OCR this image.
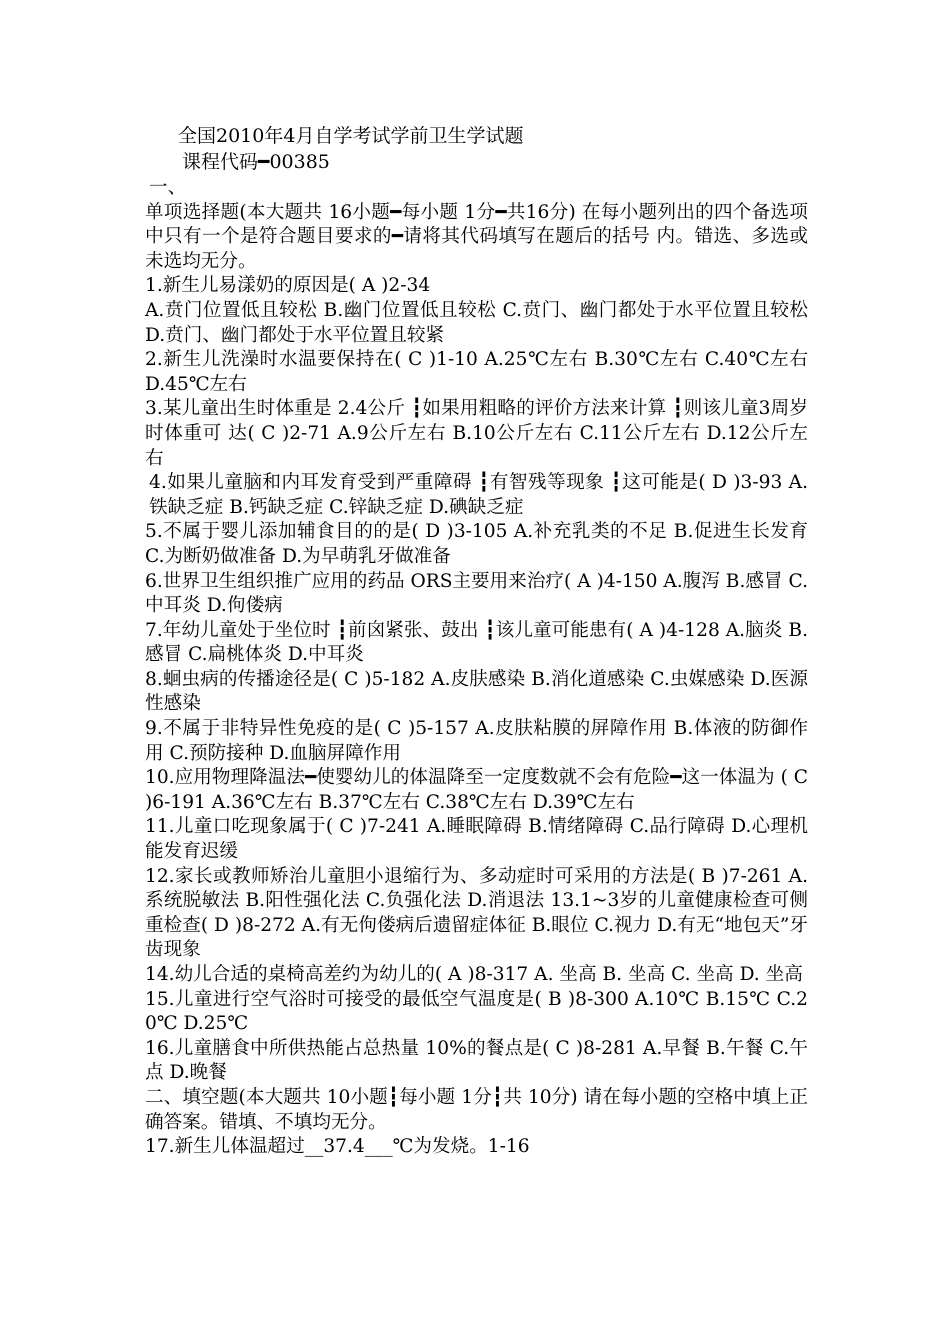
全国2010年4月自学考试学前卫生学试题
课程代码━00385

一、

单项选择题(本大题共 16小题━每小题 1分━共16分) 在每小题列出的四个备选项中只有一个是符合题目要求的━请将其代码填写在题后的括号 内。错选、多选或未选均无分。

1.新生儿易漾奶的原因是( A )2-34

A.贲门位置低且较松 B.幽门位置低且较松 C.贲门、幽门都处于水平位置且较松 D.贲门、幽门都处于水平位置且较紧

2.新生儿洗澡时水温要保持在( C )1-10 A.25℃左右 B.30℃左右 C.40℃左右 D.45℃左右

3.某儿童出生时体重是 2.4公斤 ┇如果用粗略的评价方法来计算 ┇则该儿童3周岁时体重可 达( C )2-71 A.9公斤左右 B.10公斤左右 C.11公斤左右 D.12公斤左右

4.如果儿童脑和内耳发育受到严重障碍 ┇有智残等现象 ┇这可能是( D )3-93 A.铁缺乏症 B.钙缺乏症 C.锌缺乏症 D.碘缺乏症

5.不属于婴儿添加辅食目的的是( D )3-105 A.补充乳类的不足 B.促进生长发育 C.为断奶做准备 D.为早萌乳牙做准备

6.世界卫生组织推广应用的药品 ORS主要用来治疗( A )4-150 A.腹泻 B.感冒 C.中耳炎 D.佝偻病

7.年幼儿童处于坐位时 ┇前囟紧张、鼓出 ┇该儿童可能患有( A )4-128 A.脑炎 B.感冒 C.扁桃体炎 D.中耳炎

8.蛔虫病的传播途径是( C )5-182 A.皮肤感染 B.消化道感染 C.虫媒感染 D.医源性感染

9.不属于非特异性免疫的是( C )5-157 A.皮肤粘膜的屏障作用 B.体液的防御作用 C.预防接种 D.血脑屏障作用

10.应用物理降温法━使婴幼儿的体温降至一定度数就不会有危险━这一体温为 ( C )6-191 A.36℃左右 B.37℃左右 C.38℃左右 D.39℃左右

11.儿童口吃现象属于( C )7-241 A.睡眠障碍 B.情绪障碍 C.品行障碍 D.心理机能发育迟缓

12.家长或教师矫治儿童胆小退缩行为、多动症时可采用的方法是( B )7-261 A.系统脱敏法 B.阳性强化法 C.负强化法 D.消退法 13.1~3岁的儿童健康检查可侧重检查( D )8-272 A.有无佝偻病后遗留症体征 B.眼位 C.视力 D.有无“地包天”牙齿现象

14.幼儿合适的桌椅高差约为幼儿的( A )8-317 A. 坐高 B. 坐高 C. 坐高 D. 坐高

15.儿童进行空气浴时可接受的最低空气温度是( B )8-300 A.10℃ B.15℃ C.20℃ D.25℃

16.儿童膳食中所供热能占总热量 10%的餐点是( C )8-281 A.早餐 B.午餐 C.午点 D.晚餐

二、填空题(本大题共 10小题┇每小题 1分┇共 10分) 请在每小题的空格中填上正确答案。错填、不填均无分。

17.新生儿体温超过__37.4___℃为发烧。1-16
